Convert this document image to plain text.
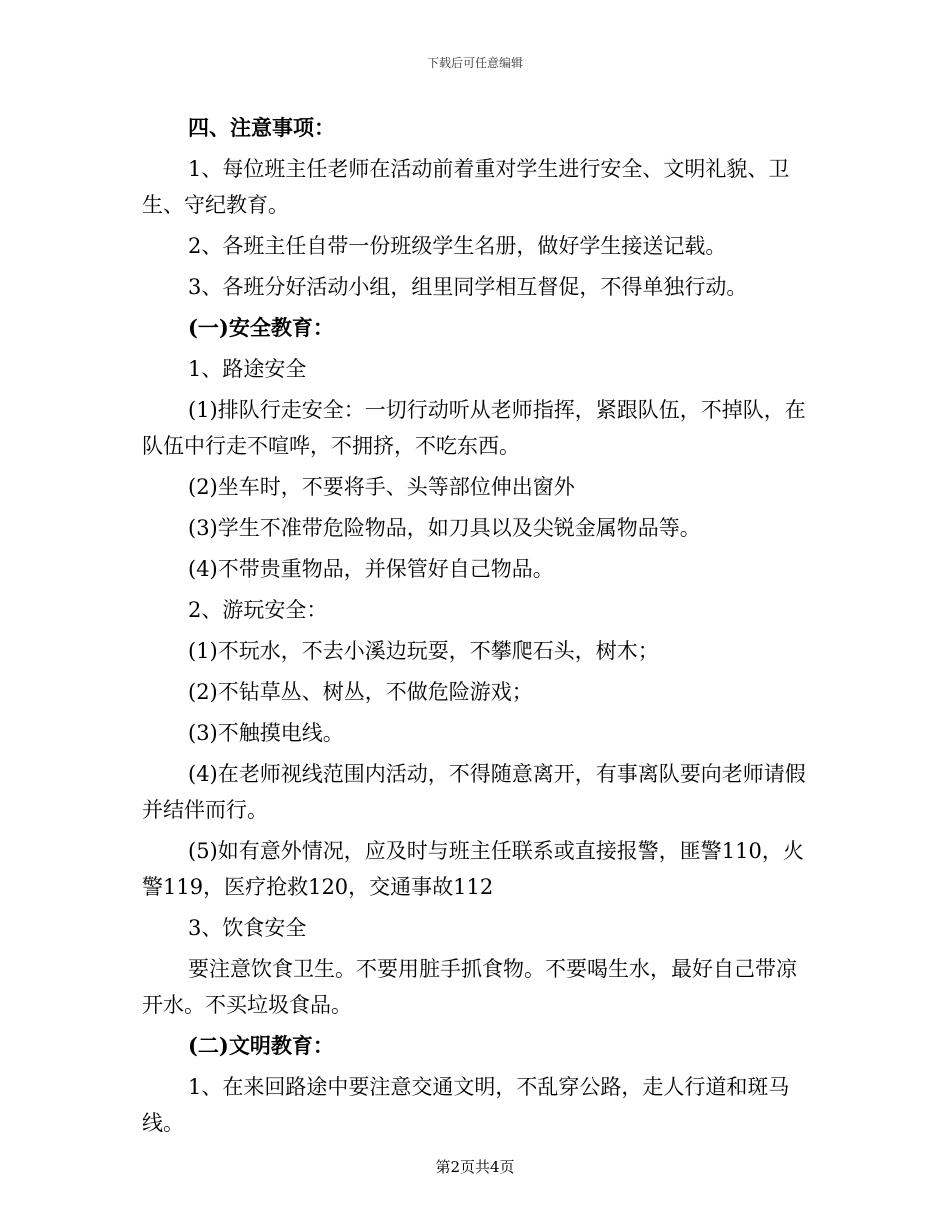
下载后可任意编辑

四、注意事项：

1、每位班主任老师在活动前着重对学生进行安全、文明礼貌、卫生、守纪教育。

2、各班主任自带一份班级学生名册，做好学生接送记载。

3、各班分好活动小组，组里同学相互督促，不得单独行动。

(一)安全教育：

1、路途安全

(1)排队行走安全：一切行动听从老师指挥，紧跟队伍，不掉队，在队伍中行走不喧哗，不拥挤，不吃东西。

(2)坐车时，不要将手、头等部位伸出窗外

(3)学生不准带危险物品，如刀具以及尖锐金属物品等。

(4)不带贵重物品，并保管好自己物品。

2、游玩安全：

(1)不玩水，不去小溪边玩耍，不攀爬石头，树木；

(2)不钻草丛、树丛，不做危险游戏；

(3)不触摸电线。

(4)在老师视线范围内活动，不得随意离开，有事离队要向老师请假并结伴而行。

(5)如有意外情况，应及时与班主任联系或直接报警，匪警110，火警119，医疗抢救120，交通事故112

3、饮食安全

要注意饮食卫生。不要用脏手抓食物。不要喝生水，最好自己带凉开水。不买垃圾食品。

(二)文明教育：

1、在来回路途中要注意交通文明，不乱穿公路，走人行道和斑马线。

第2页共4页
